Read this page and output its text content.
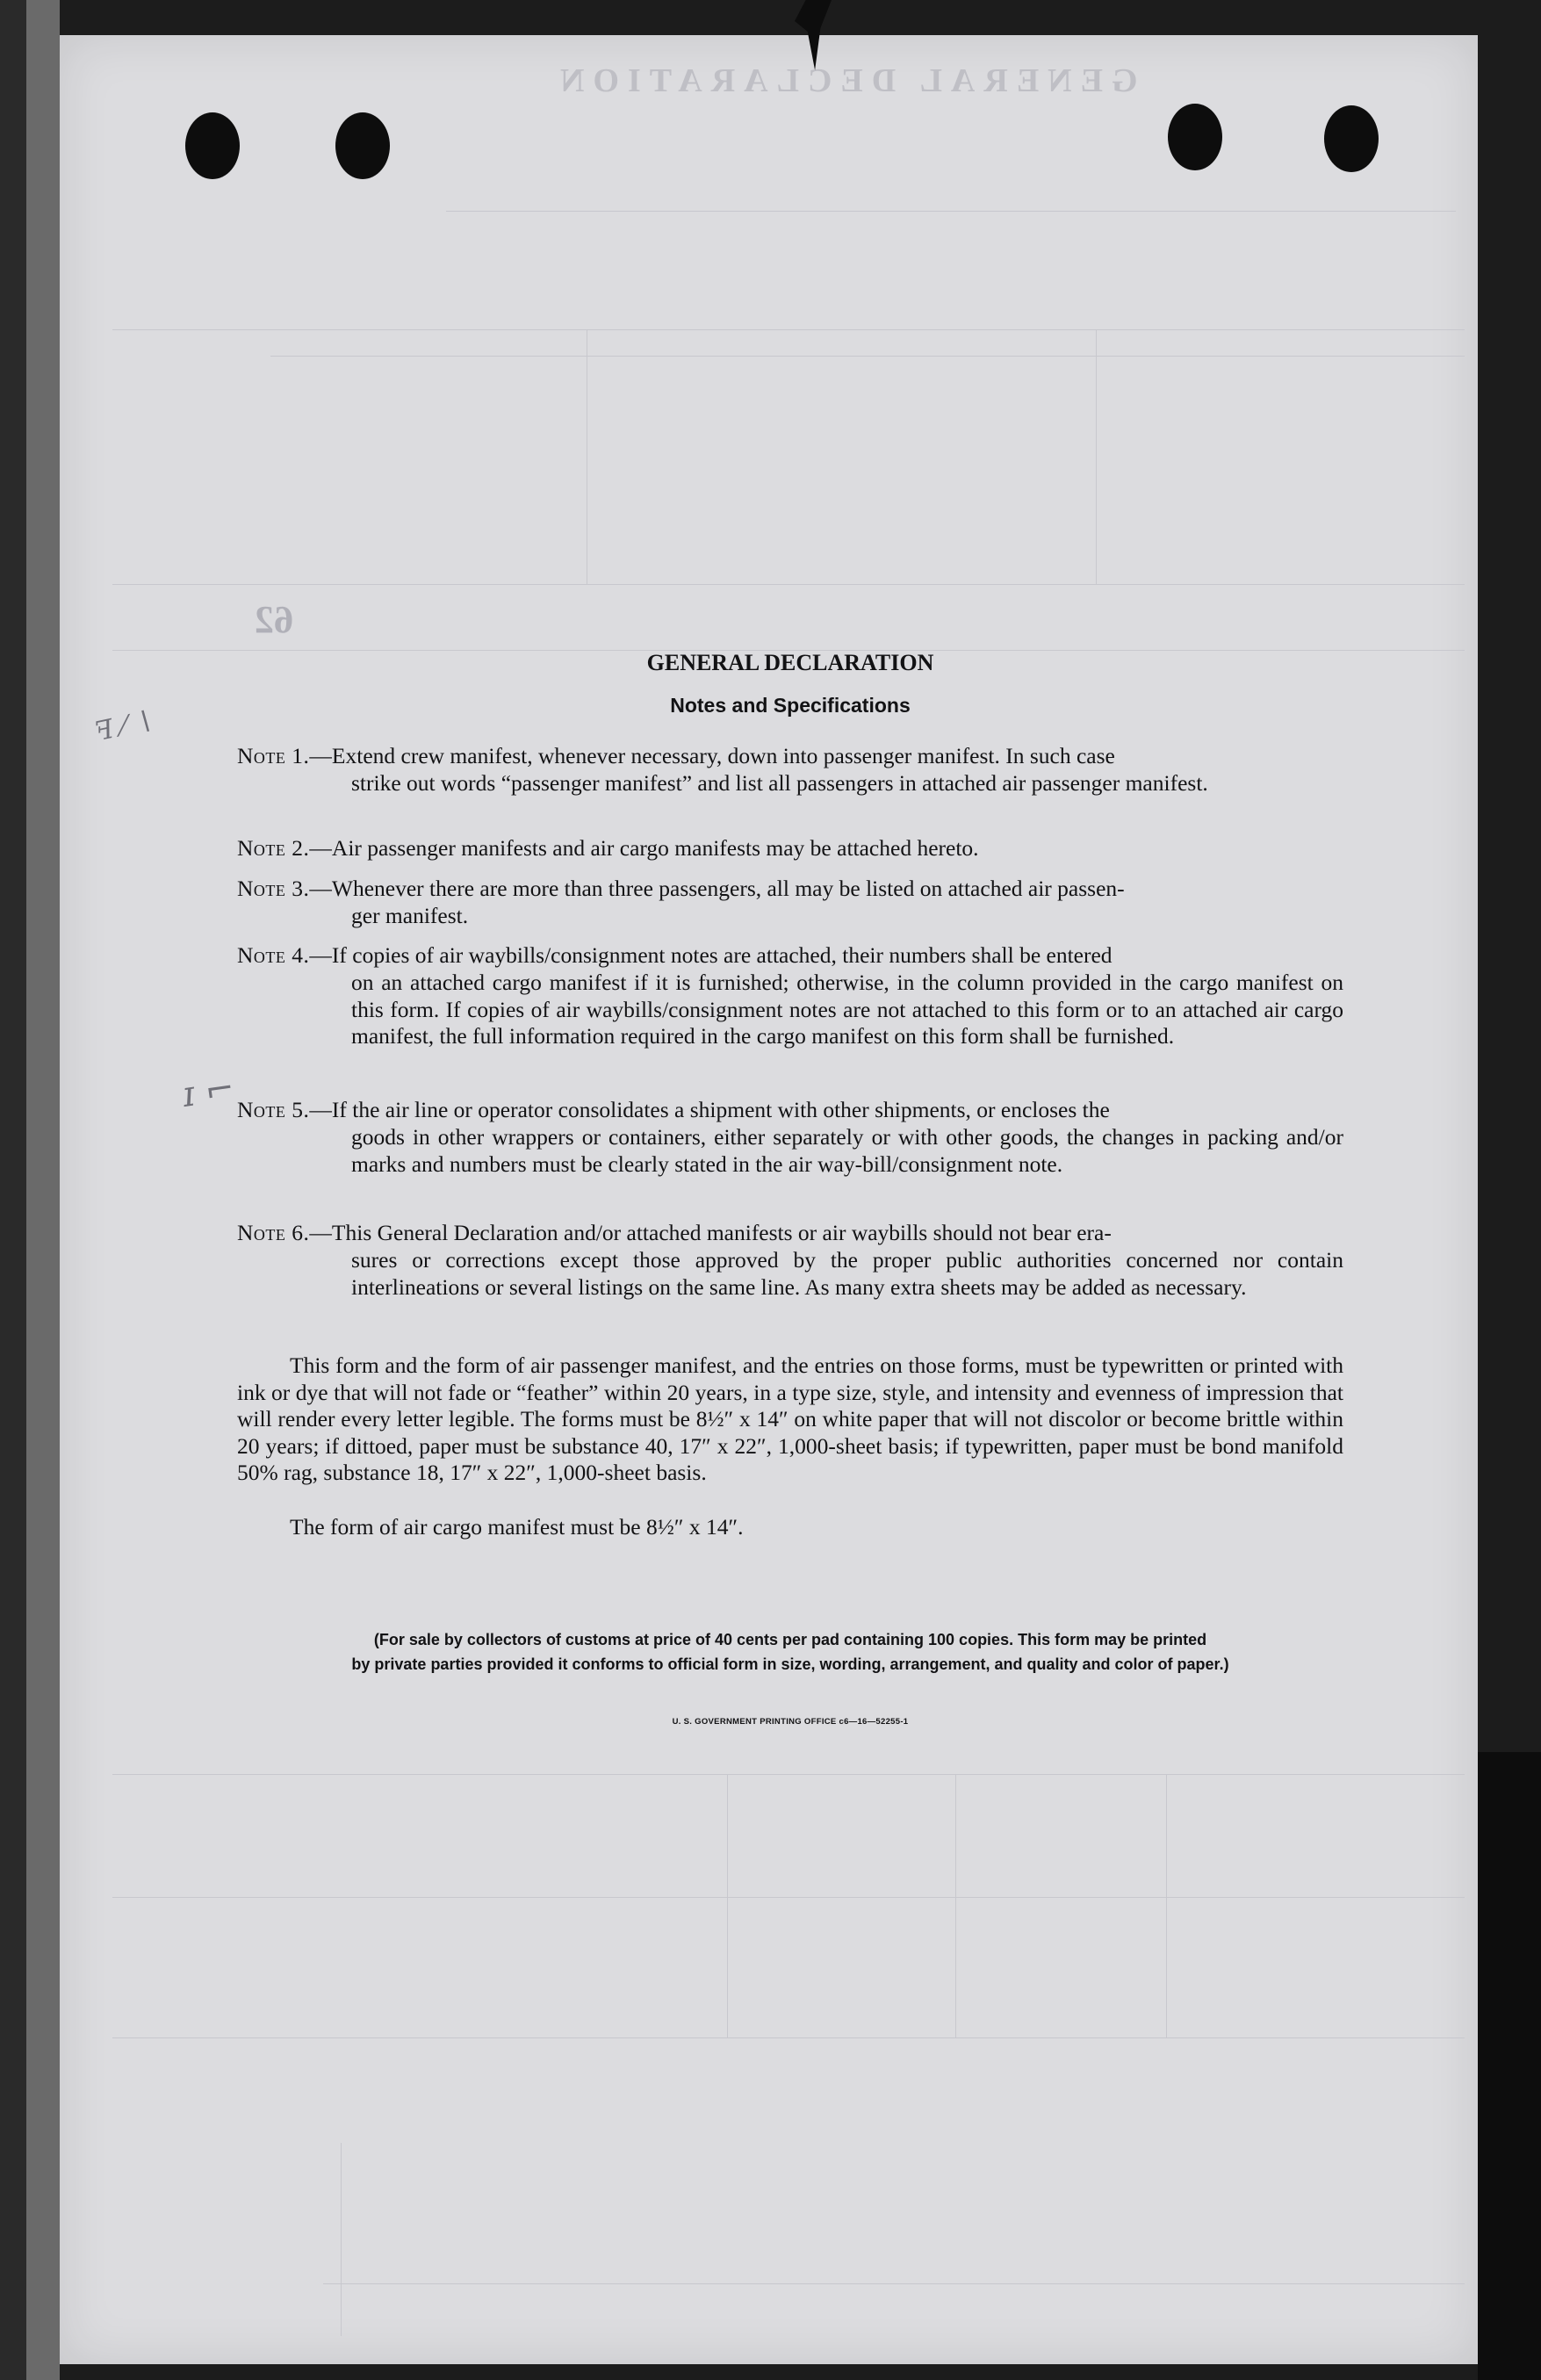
GENERAL DECLARATION
62
ꟻ ⁄ ∖
ɪ ⌐
GENERAL DECLARATION
Notes and Specifications
Note 1.—Extend crew manifest, whenever necessary, down into passenger manifest. In such case
strike out words “passenger manifest” and list all passengers in attached air passenger manifest.
Note 2.—Air passenger manifests and air cargo manifests may be attached hereto.
Note 3.—Whenever there are more than three passengers, all may be listed on attached air passen-
ger manifest.
Note 4.—If copies of air waybills/consignment notes are attached, their numbers shall be entered
on an attached cargo manifest if it is furnished; otherwise, in the column provided in the cargo manifest on this form. If copies of air waybills/consignment notes are not attached to this form or to an attached air cargo manifest, the full information required in the cargo manifest on this form shall be furnished.
Note 5.—If the air line or operator consolidates a shipment with other shipments, or encloses the
goods in other wrappers or containers, either separately or with other goods, the changes in packing and/or marks and numbers must be clearly stated in the air way-bill/consignment note.
Note 6.—This General Declaration and/or attached manifests or air waybills should not bear era-
sures or corrections except those approved by the proper public authorities concerned nor contain interlineations or several listings on the same line. As many extra sheets may be added as necessary.
This form and the form of air passenger manifest, and the entries on those forms, must be typewritten or printed with ink or dye that will not fade or “feather” within 20 years, in a type size, style, and intensity and evenness of impression that will render every letter legible. The forms must be 8½″ x 14″ on white paper that will not discolor or become brittle within 20 years; if dittoed, paper must be substance 40, 17″ x 22″, 1,000-sheet basis; if typewritten, paper must be bond manifold 50% rag, substance 18, 17″ x 22″, 1,000-sheet basis.
The form of air cargo manifest must be 8½″ x 14″.
(For sale by collectors of customs at price of 40 cents per pad containing 100 copies. This form may be printed
by private parties provided it conforms to official form in size, wording, arrangement, and quality and color of paper.)
U. S. GOVERNMENT PRINTING OFFICE c6—16—52255-1
